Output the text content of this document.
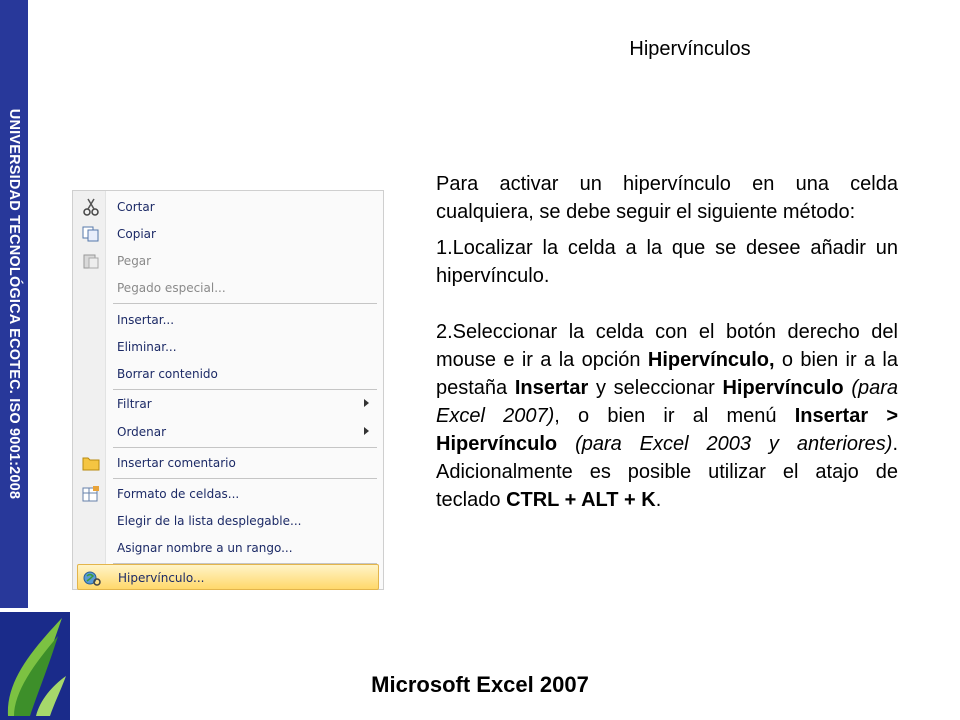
UNIVERSIDAD TECNOLÓGICA ECOTEC. ISO 9001:2008
Hipervínculos
Cortar
Copiar
Pegar
Pegado especial...
Insertar...
Eliminar...
Borrar contenido
Filtrar
Ordenar
Insertar comentario
Formato de celdas...
Elegir de la lista desplegable...
Asignar nombre a un rango...
Hipervínculo...

Para activar un hipervínculo en una celda cualquiera, se debe seguir el siguiente método:

1.Localizar la celda a la que se desee añadir un hipervínculo.

2.Seleccionar la celda con el botón derecho del mouse e ir a la opción Hipervínculo, o bien ir a la pestaña Insertar y seleccionar Hipervínculo (para Excel 2007), o bien ir al menú Insertar > Hipervínculo (para Excel 2003 y anteriores). Adicionalmente es posible utilizar el atajo de teclado CTRL + ALT + K.

Microsoft Excel 2007
